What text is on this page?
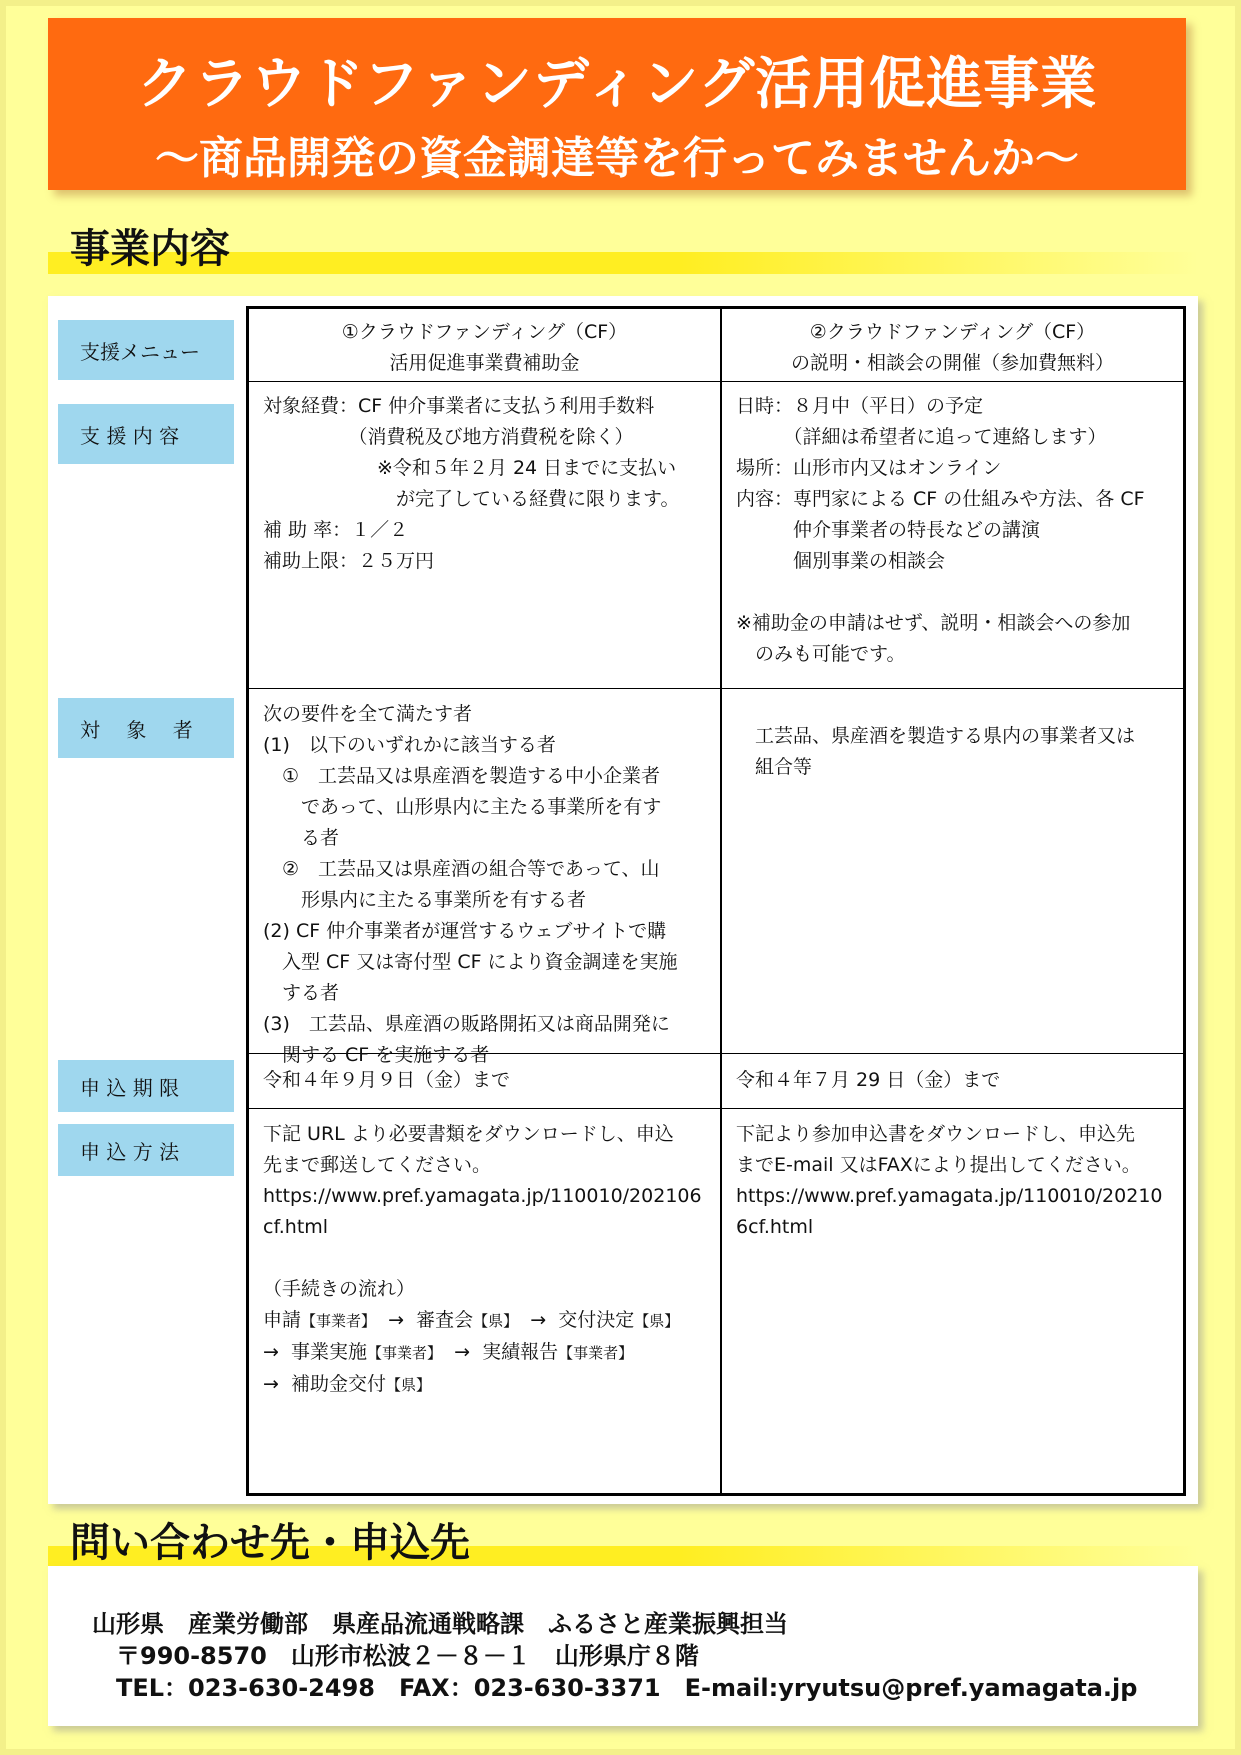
クラウドファンディング活用促進事業
～商品開発の資金調達等を行ってみませんか～
事業内容
支援メニュー
支 援 内 容
対　 象　 者
申 込 期 限
申 込 方 法

①クラウドファンディング（CF）

活用促進事業費補助金

②クラウドファンディング（CF）

の説明・相談会の開催（参加費無料）

対象経費：CF 仲介事業者に支払う利用手数料

　　　　　（消費税及び地方消費税を除く）

　　　　　　※令和５年２月 24 日までに支払い

　　　　　　　が完了している経費に限ります。

補 助 率：１／２

補助上限：２５万円

日時：８月中（平日）の予定

　　　（詳細は希望者に追って連絡します）

場所：山形市内又はオンライン

内容：専門家による CF の仕組みや方法、各 CF

　　　仲介事業者の特長などの講演

　　　個別事業の相談会

※補助金の申請はせず、説明・相談会への参加

　のみも可能です。

次の要件を全て満たす者

(1)　以下のいずれかに該当する者

　①　工芸品又は県産酒を製造する中小企業者

　　であって、山形県内に主たる事業所を有す

　　る者

　②　工芸品又は県産酒の組合等であって、山

　　形県内に主たる事業所を有する者

(2) CF 仲介事業者が運営するウェブサイトで購

　入型 CF 又は寄付型 CF により資金調達を実施

　する者

(3)　工芸品、県産酒の販路開拓又は商品開発に

　関する CF を実施する者

工芸品、県産酒を製造する県内の事業者又は

組合等

令和４年９月９日（金）まで	令和４年７月 29 日（金）まで

下記 URL より必要書類をダウンロードし、申込

先まで郵送してください。

https://www.pref.yamagata.jp/110010/202106

cf.html

（手続きの流れ）

申請【事業者】 → 審査会【県】 → 交付決定【県】

→ 事業実施【事業者】 → 実績報告【事業者】

→ 補助金交付【県】

下記より参加申込書をダウンロードし、申込先

までE-mail 又はFAXにより提出してください。

https://www.pref.yamagata.jp/110010/20210

6cf.html

問い合わせ先・申込先
山形県　産業労働部　県産品流通戦略課　ふるさと産業振興担当
〒990-8570　山形市松波２－８－１　山形県庁８階
TEL：023-630-2498　FAX：023-630-3371　E-mail:yryutsu@pref.yamagata.jp
